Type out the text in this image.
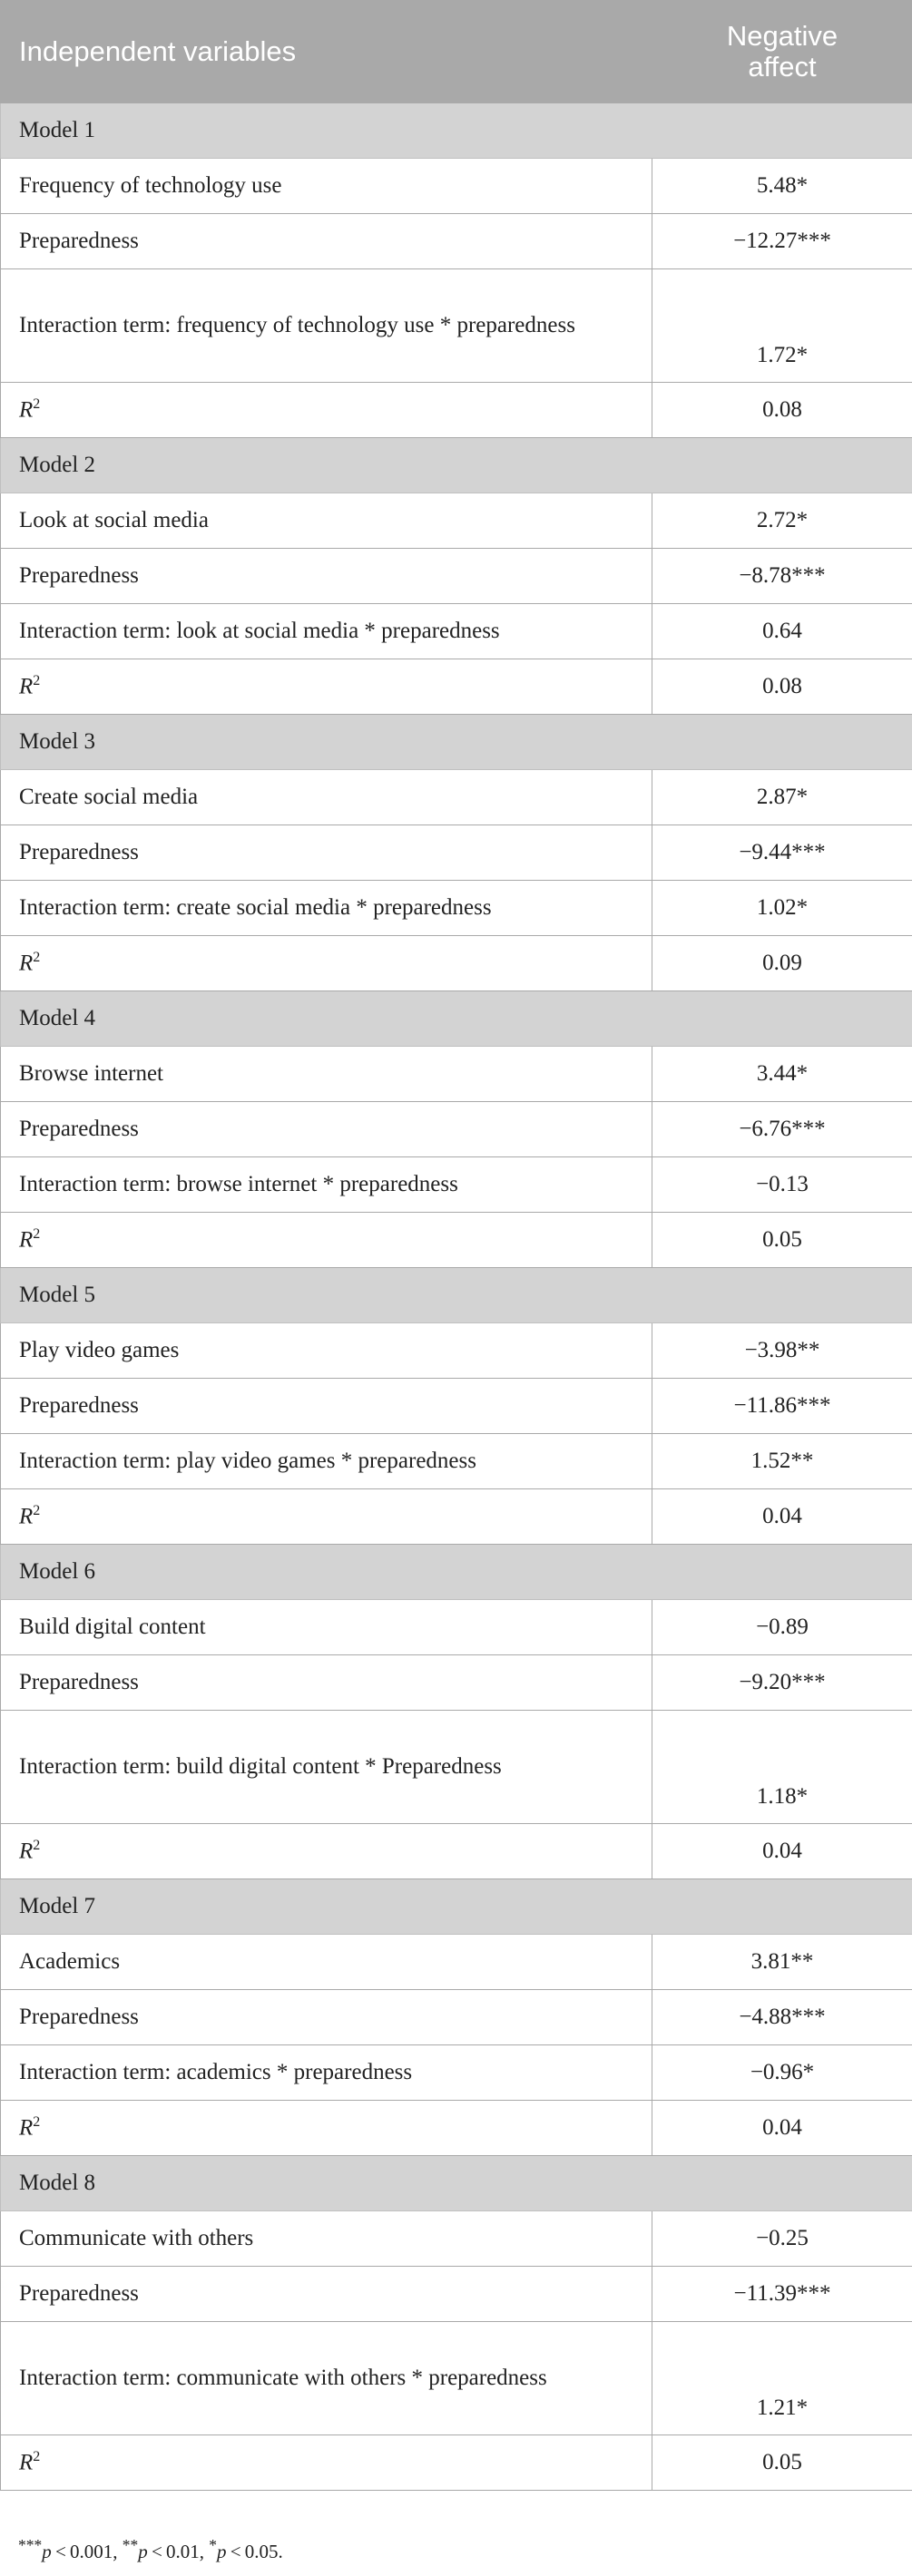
Independent variables	Negative
affect

Model 1	
Frequency of technology use	5.48*
Preparedness	−12.27***
Interaction term: frequency of technology use * preparedness	1.72*
$R^2$	0.08
Model 2	
Look at social media	2.72*
Preparedness	−8.78***
Interaction term: look at social media * preparedness	0.64
$R^2$	0.08
Model 3	
Create social media	2.87*
Preparedness	−9.44***
Interaction term: create social media * preparedness	1.02*
$R^2$	0.09
Model 4	
Browse internet	3.44*
Preparedness	−6.76***
Interaction term: browse internet * preparedness	−0.13
$R^2$	0.05
Model 5	
Play video games	−3.98**
Preparedness	−11.86***
Interaction term: play video games * preparedness	1.52**
$R^2$	0.04
Model 6	
Build digital content	−0.89
Preparedness	−9.20***
Interaction term: build digital content * Preparedness	1.18*
$R^2$	0.04
Model 7	
Academics	3.81**
Preparedness	−4.88***
Interaction term: academics * preparedness	−0.96*
$R^2$	0.04
Model 8	
Communicate with others	−0.25
Preparedness	−11.39***
Interaction term: communicate with others * preparedness	1.21*
$R^2$	0.05
***p < 0.001, **p < 0.01, *p < 0.05.
